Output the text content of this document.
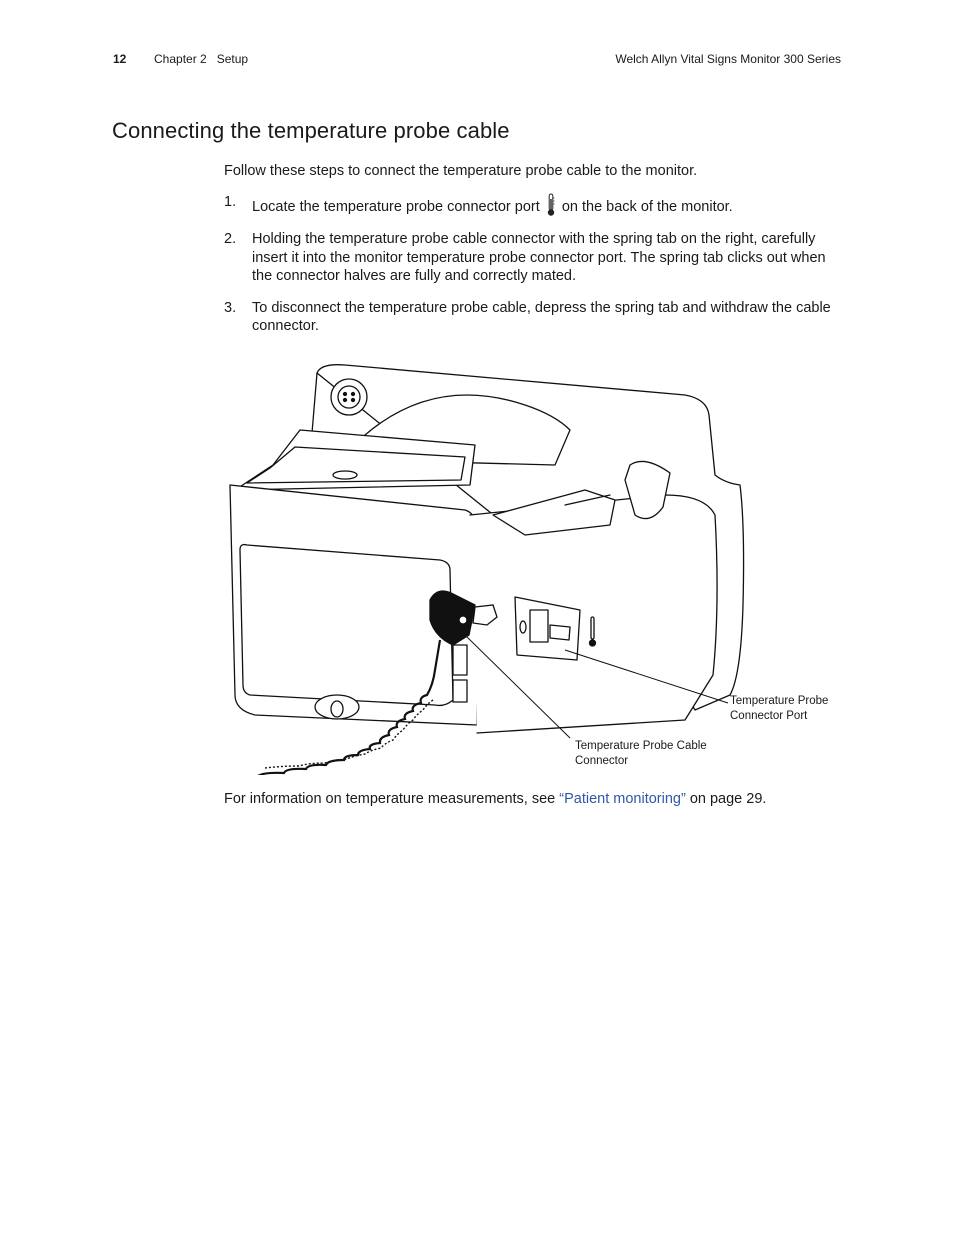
12 Chapter 2   Setup	Welch Allyn Vital Signs Monitor 300 Series
Connecting the temperature probe cable

Follow these steps to connect the temperature probe cable to the monitor.

1. Locate the temperature probe connector port on the back of the monitor.
2. Holding the temperature probe cable connector with the spring tab on the right, carefully insert it into the monitor temperature probe connector port. The spring tab clicks out when the connector halves are fully and correctly mated.
3. To disconnect the temperature probe cable, depress the spring tab and withdraw the cable connector.
Temperature Probe
Connector Port
Temperature Probe Cable
Connector

For information on temperature measurements, see “Patient monitoring” on page 29.
